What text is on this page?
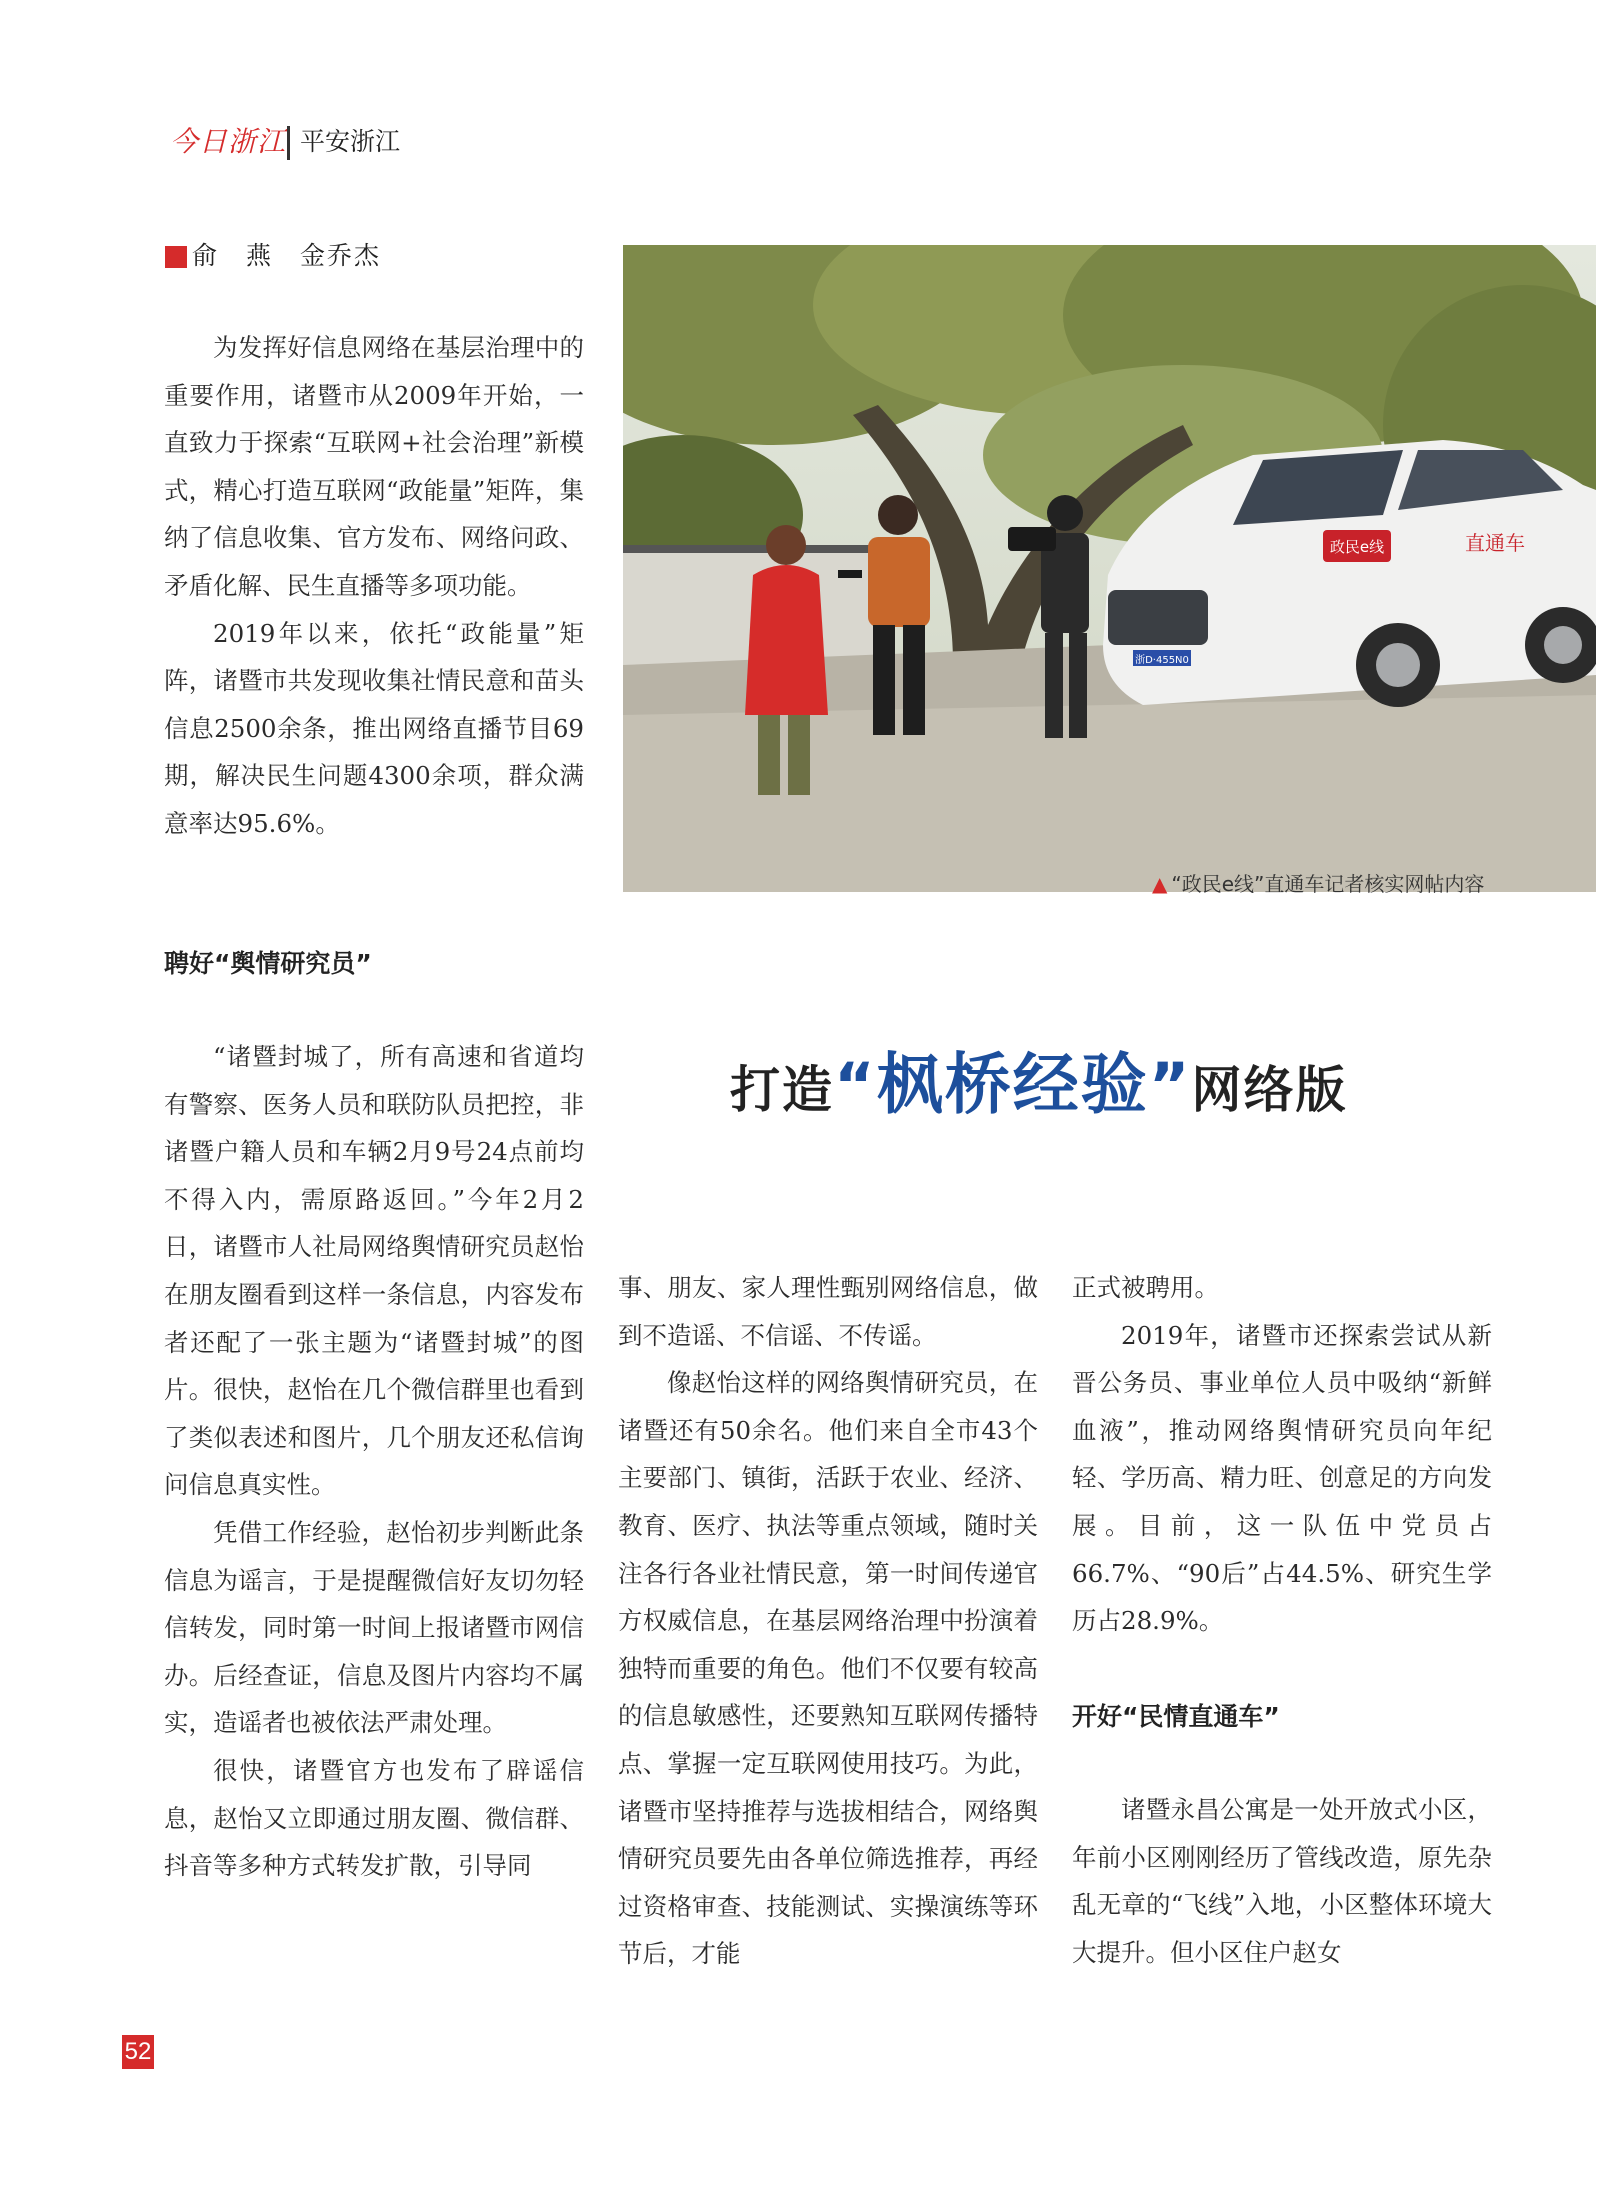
今日浙江 平安浙江
俞　燕　金乔杰

为发挥好信息网络在基层治理中的重要作用，诸暨市从2009年开始，一直致力于探索“互联网+社会治理”新模式，精心打造互联网“政能量”矩阵，集纳了信息收集、官方发布、网络问政、矛盾化解、民生直播等多项功能。

2019年以来，依托“政能量”矩阵，诸暨市共发现收集社情民意和苗头信息2500余条，推出网络直播节目69期，解决民生问题4300余项，群众满意率达95.6%。

聘好“舆情研究员”

“诸暨封城了，所有高速和省道均有警察、医务人员和联防队员把控，非诸暨户籍人员和车辆2月9号24点前均不得入内，需原路返回。”今年2月2日，诸暨市人社局网络舆情研究员赵怡在朋友圈看到这样一条信息，内容发布者还配了一张主题为“诸暨封城”的图片。很快，赵怡在几个微信群里也看到了类似表述和图片，几个朋友还私信询问信息真实性。

凭借工作经验，赵怡初步判断此条信息为谣言，于是提醒微信好友切勿轻信转发，同时第一时间上报诸暨市网信办。后经查证，信息及图片内容均不属实，造谣者也被依法严肃处理。

很快，诸暨官方也发布了辟谣信息，赵怡又立即通过朋友圈、微信群、抖音等多种方式转发扩散，引导同

政民e线	直通车
浙D·455N0
▲ “政民e线”直通车记者核实网帖内容
打造“枫桥经验”网络版

事、朋友、家人理性甄别网络信息，做到不造谣、不信谣、不传谣。

像赵怡这样的网络舆情研究员，在诸暨还有50余名。他们来自全市43个主要部门、镇街，活跃于农业、经济、教育、医疗、执法等重点领域，随时关注各行各业社情民意，第一时间传递官方权威信息，在基层网络治理中扮演着独特而重要的角色。他们不仅要有较高的信息敏感性，还要熟知互联网传播特点、掌握一定互联网使用技巧。为此，诸暨市坚持推荐与选拔相结合，网络舆情研究员要先由各单位筛选推荐，再经过资格审查、技能测试、实操演练等环节后，才能

正式被聘用。

2019年，诸暨市还探索尝试从新晋公务员、事业单位人员中吸纳“新鲜血液”，推动网络舆情研究员向年纪轻、学历高、精力旺、创意足的方向发展。目前，这一队伍中党员占66.7%、“90后”占44.5%、研究生学历占28.9%。

开好“民情直通车”

诸暨永昌公寓是一处开放式小区，年前小区刚刚经历了管线改造，原先杂乱无章的“飞线”入地，小区整体环境大大提升。但小区住户赵女

52
